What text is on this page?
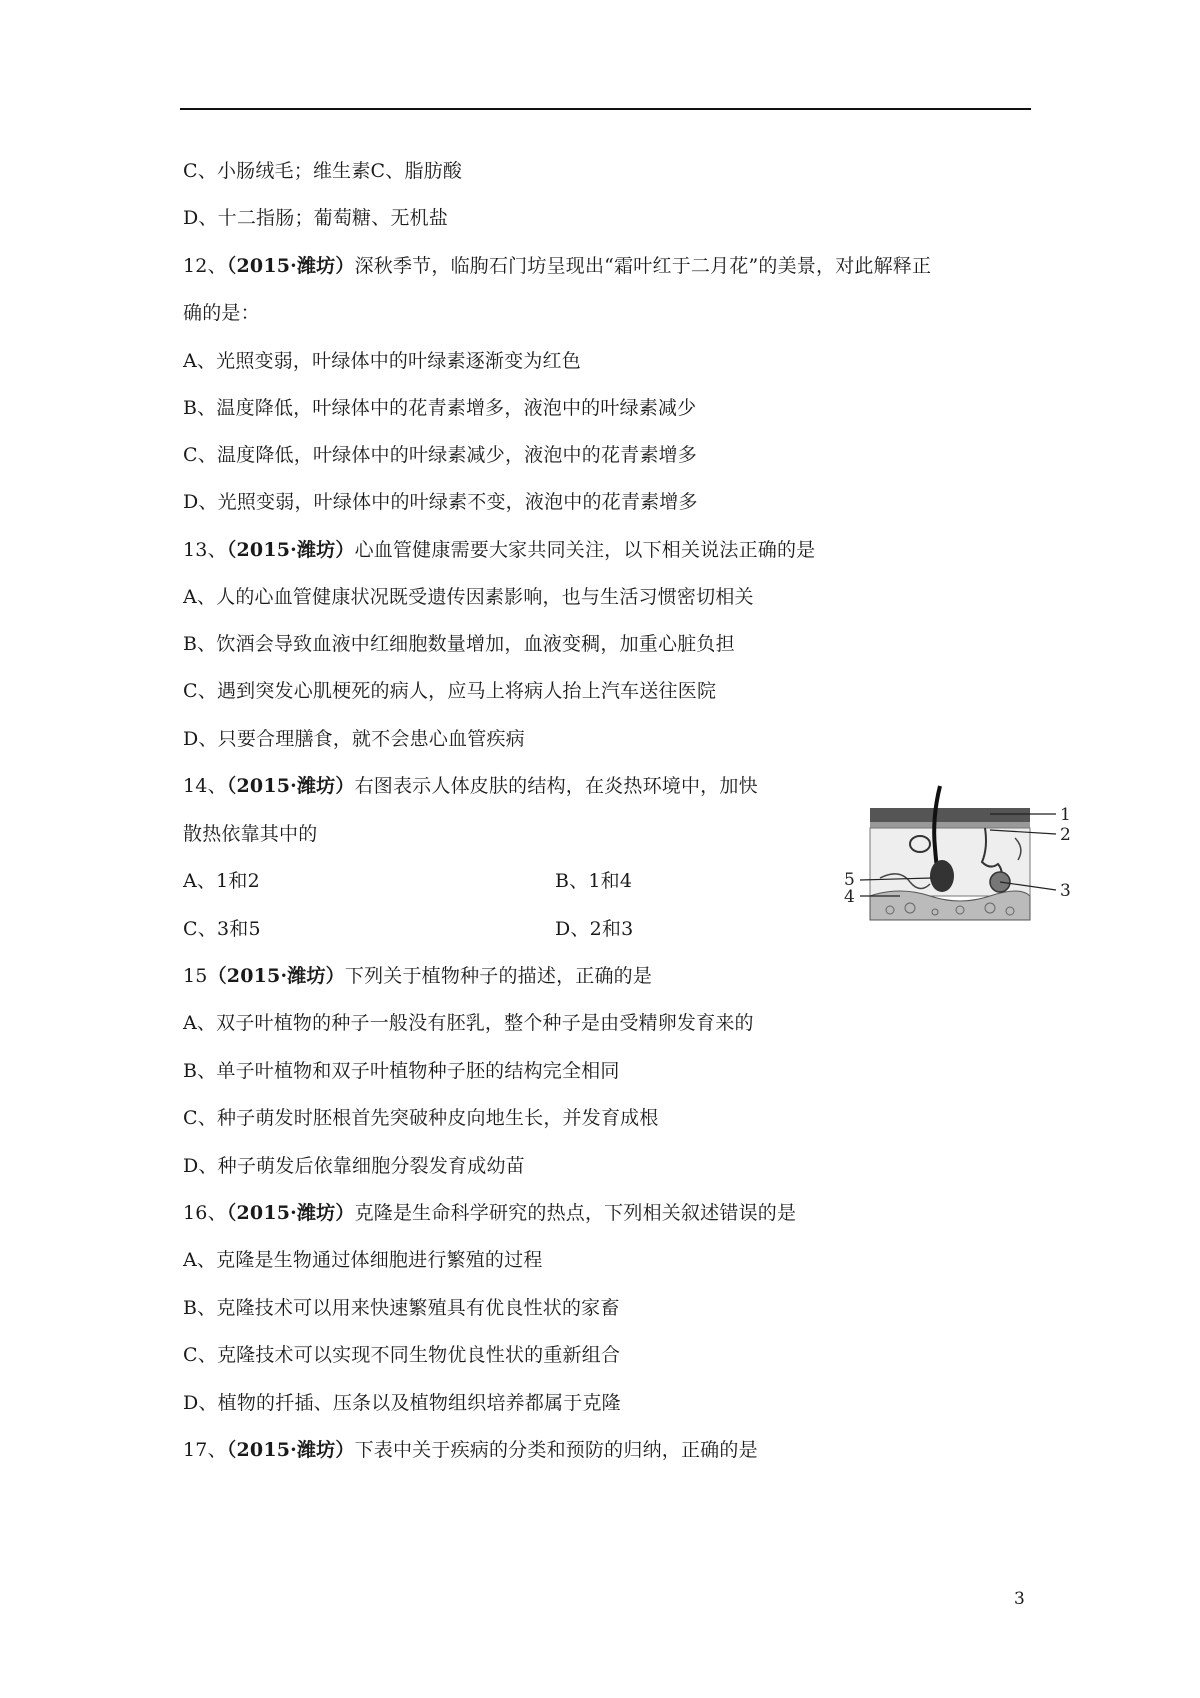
C、小肠绒毛；维生素C、脂肪酸
D、十二指肠；葡萄糖、无机盐
12、（2015·潍坊）深秋季节，临朐石门坊呈现出“霜叶红于二月花”的美景，对此解释正
确的是：
A、光照变弱，叶绿体中的叶绿素逐渐变为红色
B、温度降低，叶绿体中的花青素增多，液泡中的叶绿素减少
C、温度降低，叶绿体中的叶绿素减少，液泡中的花青素增多
D、光照变弱，叶绿体中的叶绿素不变，液泡中的花青素增多
13、（2015·潍坊）心血管健康需要大家共同关注，以下相关说法正确的是
A、人的心血管健康状况既受遗传因素影响，也与生活习惯密切相关
B、饮酒会导致血液中红细胞数量增加，血液变稠，加重心脏负担
C、遇到突发心肌梗死的病人，应马上将病人抬上汽车送往医院
D、只要合理膳食，就不会患心血管疾病
14、（2015·潍坊）右图表示人体皮肤的结构，在炎热环境中，加快
散热依靠其中的
A、1和2	B、1和4
C、3和5	D、2和3
1
2
3
4
5
15（2015·潍坊）下列关于植物种子的描述，正确的是
A、双子叶植物的种子一般没有胚乳，整个种子是由受精卵发育来的
B、单子叶植物和双子叶植物种子胚的结构完全相同
C、种子萌发时胚根首先突破种皮向地生长，并发育成根
D、种子萌发后依靠细胞分裂发育成幼苗
16、（2015·潍坊）克隆是生命科学研究的热点，下列相关叙述错误的是
A、克隆是生物通过体细胞进行繁殖的过程
B、克隆技术可以用来快速繁殖具有优良性状的家畜
C、克隆技术可以实现不同生物优良性状的重新组合
D、植物的扦插、压条以及植物组织培养都属于克隆
17、（2015·潍坊）下表中关于疾病的分类和预防的归纳，正确的是
3
